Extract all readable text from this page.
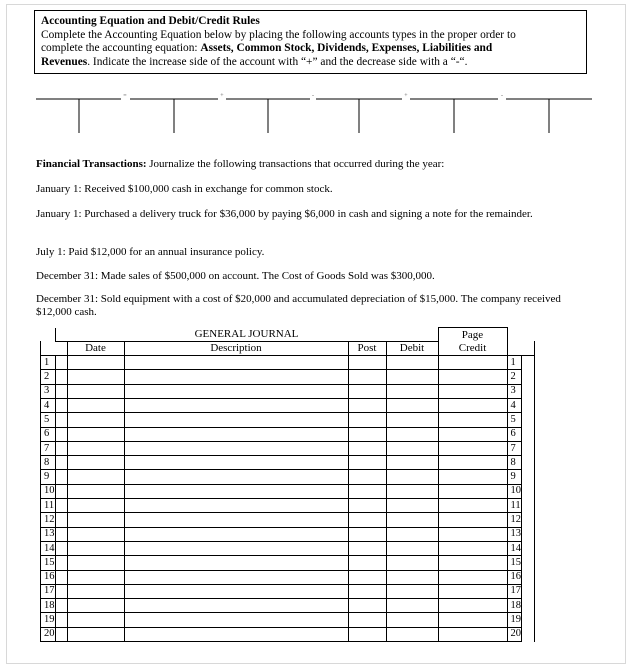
Accounting Equation and Debit/Credit Rules
Complete the Accounting Equation below by placing the following accounts types in the proper order to
complete the accounting equation: Assets, Common Stock, Dividends, Expenses, Liabilities and
Revenues. Indicate the increase side of the account with “+” and the decrease side with a “-“.
=	+	-	+	-
Financial Transactions: Journalize the following transactions that occurred during the year:
January 1: Received $100,000 cash in exchange for common stock.
January 1: Purchased a delivery truck for $36,000 by paying $6,000 in cash and signing a note for the remainder.
July 1: Paid $12,000 for an annual insurance policy.
December 31: Made sales of $500,000 on account. The Cost of Goods Sold was $300,000.
December 31: Sold equipment with a cost of $20,000 and accumulated depreciation of $15,000. The company received $12,000 cash.
	GENERAL JOURNAL					Page		
		Date	Description	Post	Debit	Credit		
1							1	
2							2	
3							3	
4							4	
5							5	
6							6	
7							7	
8							8	
9							9	
10							10	
11							11	
12							12	
13							13	
14							14	
15							15	
16							16	
17							17	
18							18	
19							19	
20							20	
